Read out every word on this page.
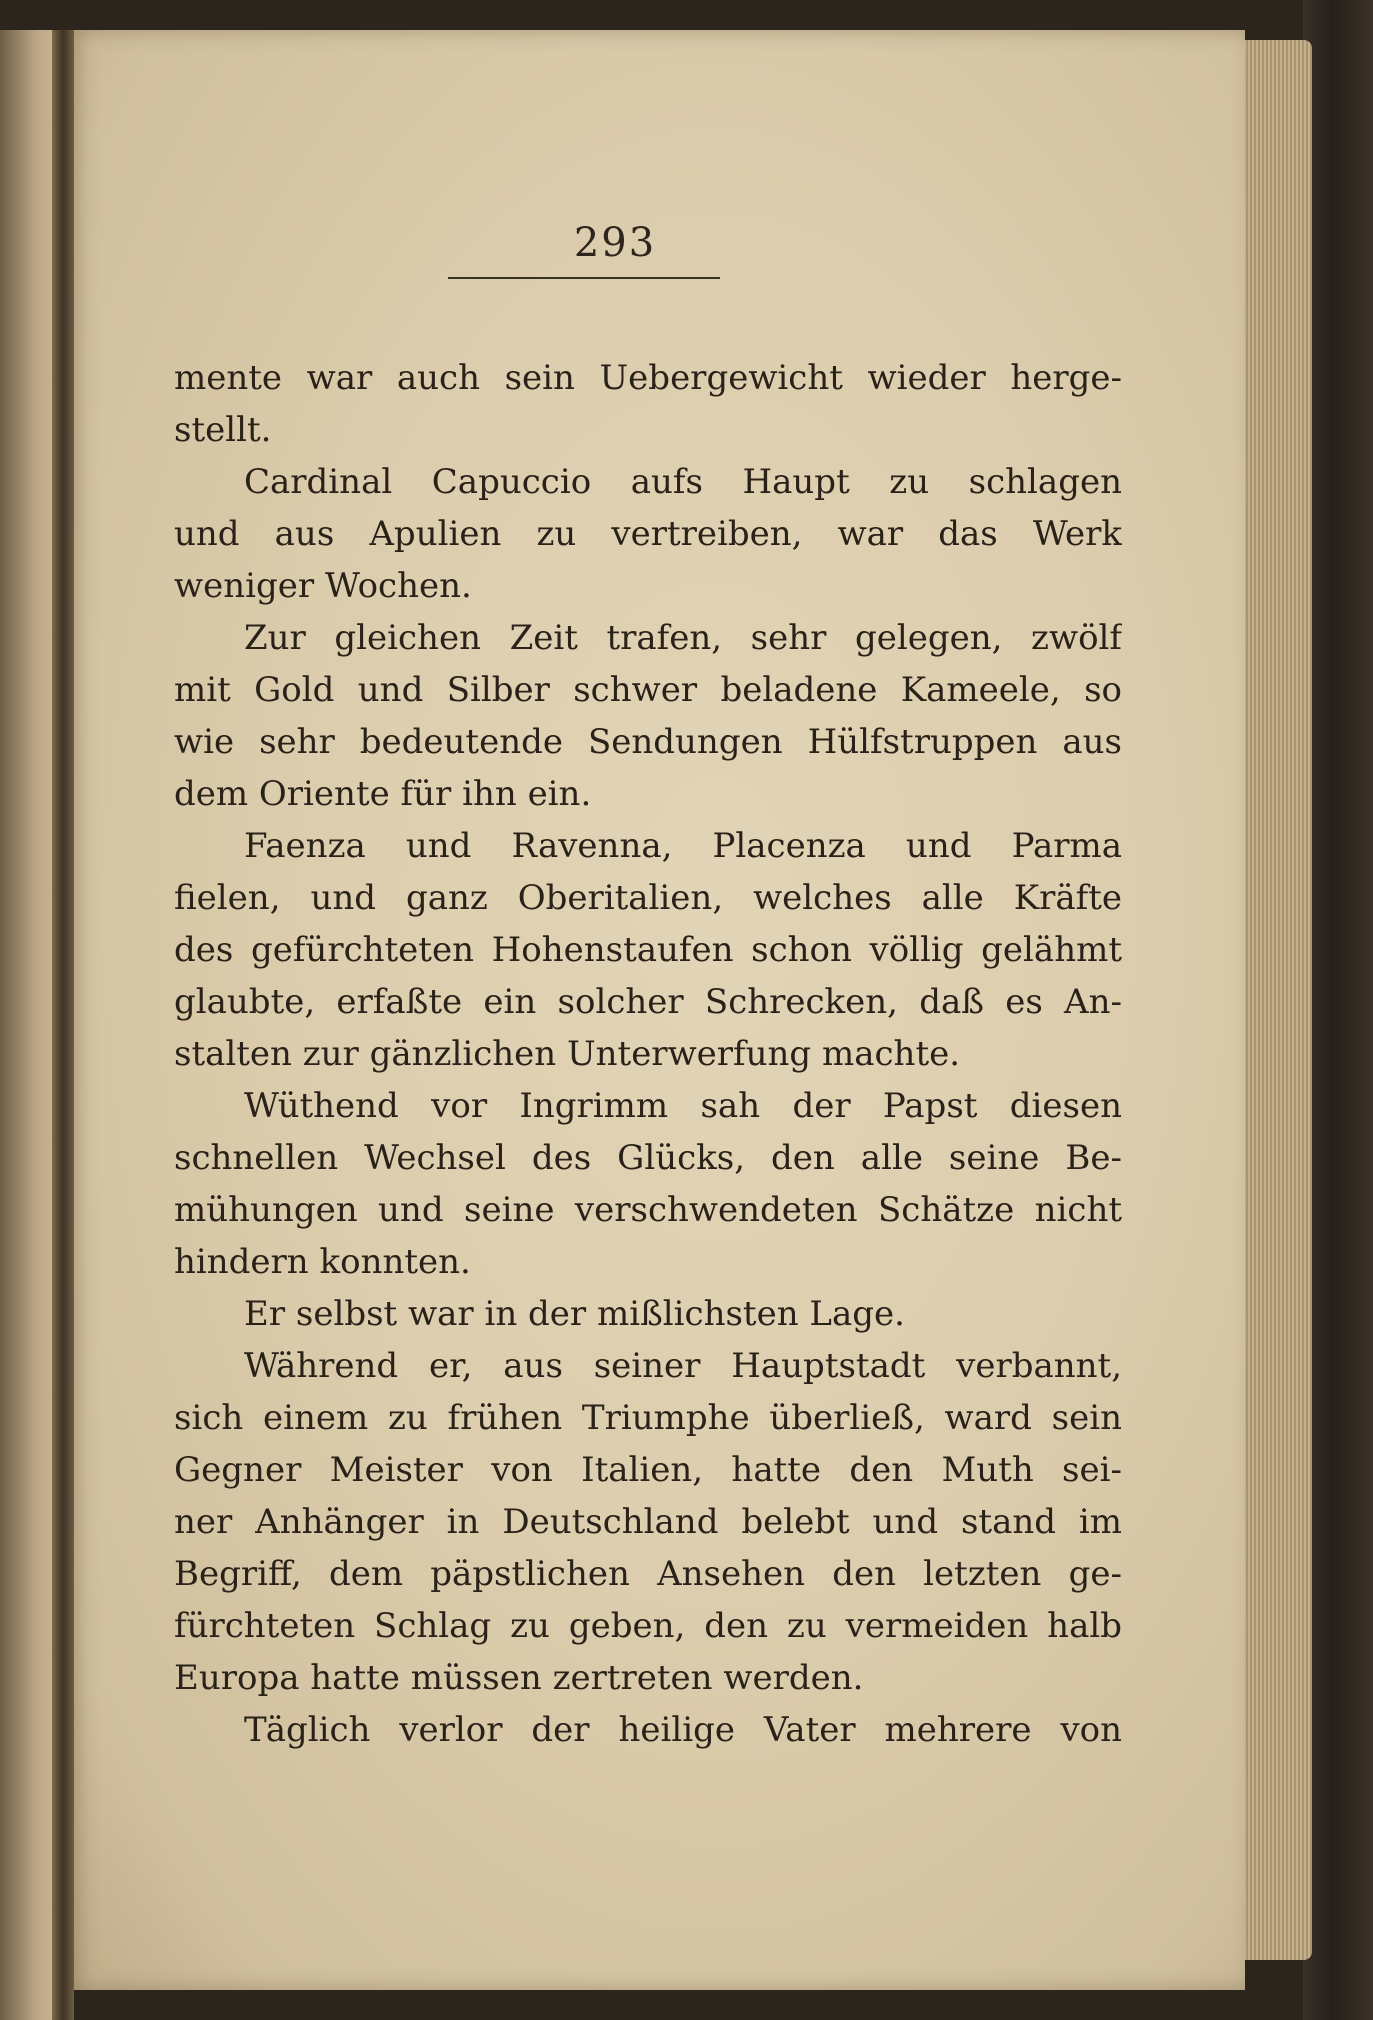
293
mente war auch sein Uebergewicht wieder herge-
stellt.
Cardinal Capuccio aufs Haupt zu schlagen
und aus Apulien zu vertreiben, war das Werk
weniger Wochen.
Zur gleichen Zeit trafen, sehr gelegen, zwölf
mit Gold und Silber schwer beladene Kameele, so
wie sehr bedeutende Sendungen Hülfstruppen aus
dem Oriente für ihn ein.
Faenza und Ravenna, Placenza und Parma
fielen, und ganz Oberitalien, welches alle Kräfte
des gefürchteten Hohenstaufen schon völlig gelähmt
glaubte, erfaßte ein solcher Schrecken, daß es An-
stalten zur gänzlichen Unterwerfung machte.
Wüthend vor Ingrimm sah der Papst diesen
schnellen Wechsel des Glücks, den alle seine Be-
mühungen und seine verschwendeten Schätze nicht
hindern konnten.
Er selbst war in der mißlichsten Lage.
Während er, aus seiner Hauptstadt verbannt,
sich einem zu frühen Triumphe überließ, ward sein
Gegner Meister von Italien, hatte den Muth sei-
ner Anhänger in Deutschland belebt und stand im
Begriff, dem päpstlichen Ansehen den letzten ge-
fürchteten Schlag zu geben, den zu vermeiden halb
Europa hatte müssen zertreten werden.
Täglich verlor der heilige Vater mehrere von
